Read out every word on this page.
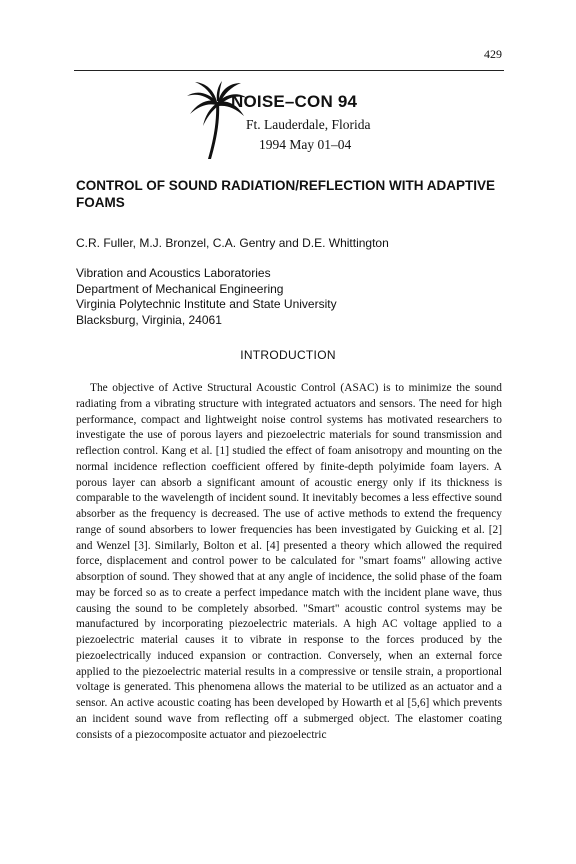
429
NOISE–CON 94
Ft. Lauderdale, Florida
1994 May 01–04
CONTROL OF SOUND RADIATION/REFLECTION WITH ADAPTIVE FOAMS
C.R. Fuller, M.J. Bronzel, C.A. Gentry and D.E. Whittington
Vibration and Acoustics Laboratories
Department of Mechanical Engineering
Virginia Polytechnic Institute and State University
Blacksburg, Virginia, 24061
INTRODUCTION

The objective of Active Structural Acoustic Control (ASAC) is to minimize the sound radiating from a vibrating structure with integrated actuators and sensors. The need for high performance, compact and lightweight noise control systems has motivated researchers to investigate the use of porous layers and piezoelectric materials for sound transmission and reflection control. Kang et al. [1] studied the effect of foam anisotropy and mounting on the normal incidence reflection coefficient offered by finite-depth polyimide foam layers. A porous layer can absorb a significant amount of acoustic energy only if its thickness is comparable to the wavelength of incident sound. It inevitably becomes a less effective sound absorber as the frequency is decreased. The use of active methods to extend the frequency range of sound absorbers to lower frequencies has been investigated by Guicking et al. [2] and Wenzel [3]. Similarly, Bolton et al. [4] presented a theory which allowed the required force, displacement and control power to be calculated for "smart foams" allowing active absorption of sound. They showed that at any angle of incidence, the solid phase of the foam may be forced so as to create a perfect impedance match with the incident plane wave, thus causing the sound to be completely absorbed. "Smart" acoustic control systems may be manufactured by incorporating piezoelectric materials. A high AC voltage applied to a piezoelectric material causes it to vibrate in response to the forces produced by the piezoelectrically induced expansion or contraction. Conversely, when an external force applied to the piezoelectric material results in a compressive or tensile strain, a proportional voltage is generated. This phenomena allows the material to be utilized as an actuator and a sensor. An active acoustic coating has been developed by Howarth et al [5,6] which prevents an incident sound wave from reflecting off a submerged object. The elastomer coating consists of a piezocomposite actuator and piezoelectric
